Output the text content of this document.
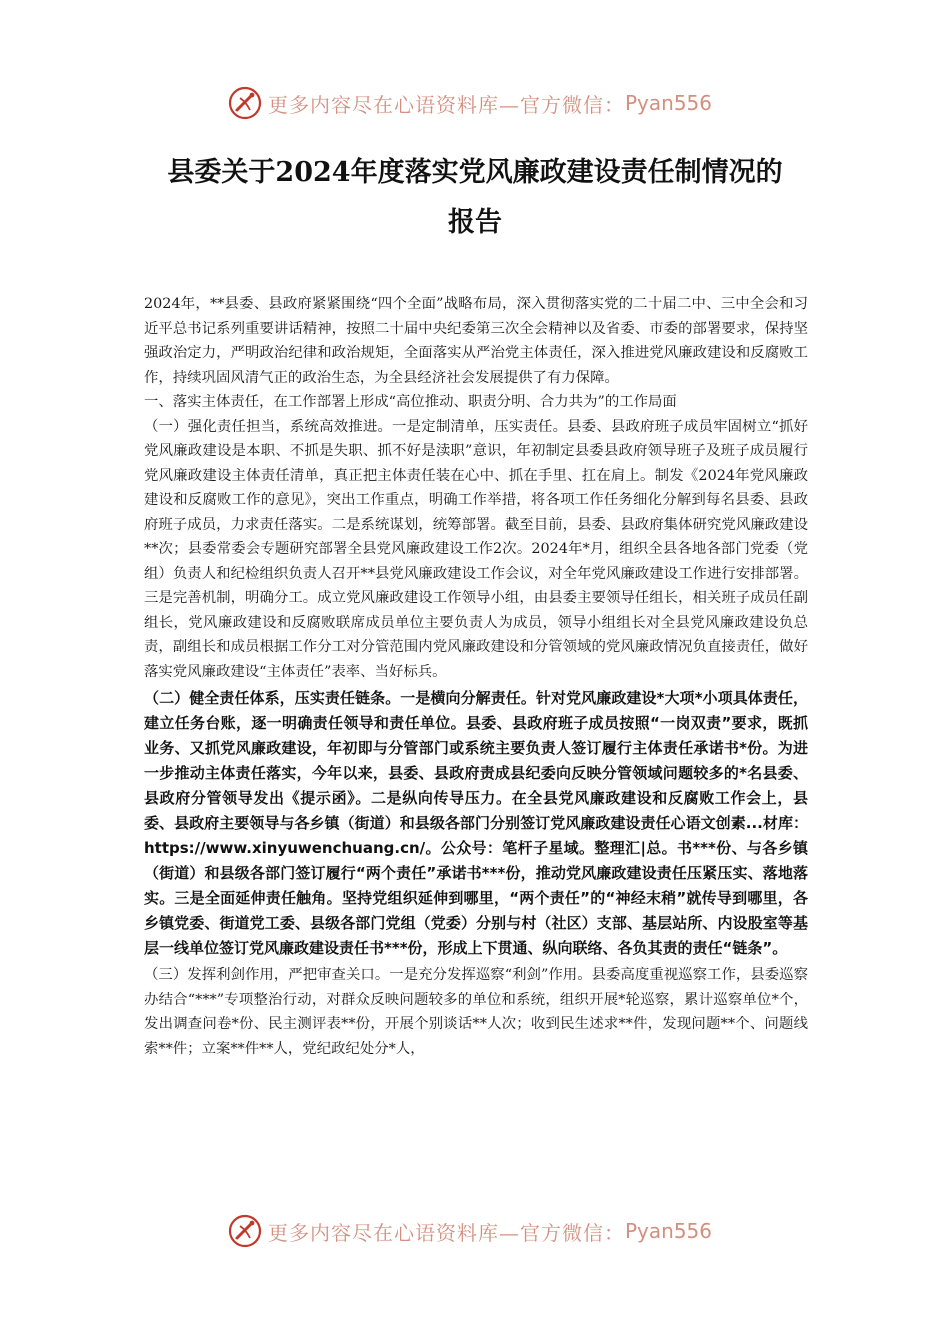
更多内容尽在心语资料库—官方微信： Pyan556
县委关于2024年度落实党风廉政建设责任制情况的
报告

2024年，**县委、县政府紧紧围绕“四个全面”战略布局，深入贯彻落实党的二十届二中、三中全会和习近平总书记系列重要讲话精神，按照二十届中央纪委第三次全会精神以及省委、市委的部署要求，保持坚强政治定力，严明政治纪律和政治规矩，全面落实从严治党主体责任，深入推进党风廉政建设和反腐败工作，持续巩固风清气正的政治生态，为全县经济社会发展提供了有力保障。

一、落实主体责任，在工作部署上形成“高位推动、职责分明、合力共为”的工作局面

（一）强化责任担当，系统高效推进。一是定制清单，压实责任。县委、县政府班子成员牢固树立“抓好党风廉政建设是本职、不抓是失职、抓不好是渎职”意识，年初制定县委县政府领导班子及班子成员履行党风廉政建设主体责任清单，真正把主体责任装在心中、抓在手里、扛在肩上。制发《2024年党风廉政建设和反腐败工作的意见》，突出工作重点，明确工作举措，将各项工作任务细化分解到每名县委、县政府班子成员，力求责任落实。二是系统谋划，统筹部署。截至目前，县委、县政府集体研究党风廉政建设**次；县委常委会专题研究部署全县党风廉政建设工作2次。2024年*月，组织全县各地各部门党委（党组）负责人和纪检组织负责人召开**县党风廉政建设工作会议，对全年党风廉政建设工作进行安排部署。三是完善机制，明确分工。成立党风廉政建设工作领导小组，由县委主要领导任组长，相关班子成员任副组长，党风廉政建设和反腐败联席成员单位主要负责人为成员，领导小组组长对全县党风廉政建设负总责，副组长和成员根据工作分工对分管范围内党风廉政建设和分管领域的党风廉政情况负直接责任，做好落实党风廉政建设“主体责任”表率、当好标兵。

（二）健全责任体系，压实责任链条。一是横向分解责任。针对党风廉政建设*大项*小项具体责任，建立任务台账，逐一明确责任领导和责任单位。县委、县政府班子成员按照“一岗双责”要求，既抓业务、又抓党风廉政建设，年初即与分管部门或系统主要负责人签订履行主体责任承诺书*份。为进一步推动主体责任落实，今年以来，县委、县政府责成县纪委向反映分管领域问题较多的*名县委、县政府分管领导发出《提示函》。二是纵向传导压力。在全县党风廉政建设和反腐败工作会上，县委、县政府主要领导与各乡镇（街道）和县级各部门分别签订党风廉政建设责任心语文创素...材库：https://www.xinyuwenchuang.cn/。公众号：笔杆子星域。整理汇|总。书***份、与各乡镇（街道）和县级各部门签订履行“两个责任”承诺书***份，推动党风廉政建设责任压紧压实、落地落实。三是全面延伸责任触角。坚持党组织延伸到哪里，“两个责任”的“神经末稍”就传导到哪里，各乡镇党委、街道党工委、县级各部门党组（党委）分别与村（社区）支部、基层站所、内设股室等基层一线单位签订党风廉政建设责任书***份，形成上下贯通、纵向联络、各负其责的责任“链条”。

（三）发挥利剑作用，严把审查关口。一是充分发挥巡察“利剑”作用。县委高度重视巡察工作，县委巡察办结合“***”专项整治行动，对群众反映问题较多的单位和系统，组织开展*轮巡察，累计巡察单位*个，发出调查问卷*份、民主测评表**份，开展个别谈话**人次；收到民生述求**件，发现问题**个、问题线索**件；立案**件**人，党纪政纪处分*人，

更多内容尽在心语资料库—官方微信： Pyan556
